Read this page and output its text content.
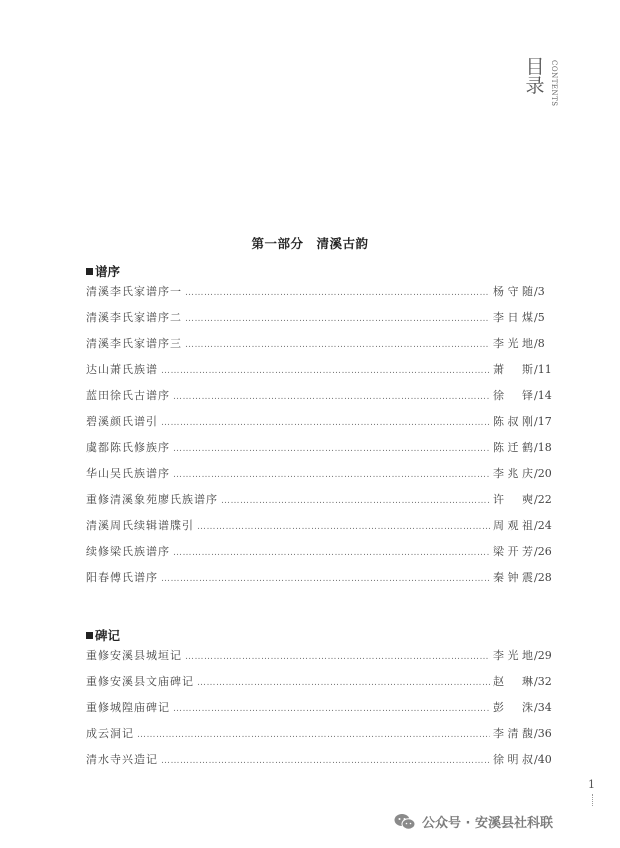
目录 CONTENTS
第一部分　清溪古韵
谱序
清溪李氏家谱序一 ……………………………………………………………………………………………………………………………………………………………………	杨守随 /3
清溪李氏家谱序二 ……………………………………………………………………………………………………………………………………………………………………	李日煤 /5
清溪李氏家谱序三 ……………………………………………………………………………………………………………………………………………………………………	李光地 /8
达山萧氏族谱 ……………………………………………………………………………………………………………………………………………………………………	萧　斯 /11
蓝田徐氏古谱序 ……………………………………………………………………………………………………………………………………………………………………	徐　铎 /14
碧溪颜氏谱引 ……………………………………………………………………………………………………………………………………………………………………	陈叔刚 /17
虞都陈氏修族序 ……………………………………………………………………………………………………………………………………………………………………	陈迁鹤 /18
华山吴氏族谱序 ……………………………………………………………………………………………………………………………………………………………………	李兆庆 /20
重修清溪象苑廖氏族谱序 ……………………………………………………………………………………………………………………………………………………………………	许　奭 /22
清溪周氏续辑谱牒引 ……………………………………………………………………………………………………………………………………………………………………	周观祖 /24
续修梁氏族谱序 ……………………………………………………………………………………………………………………………………………………………………	梁开芳 /26
阳春傅氏谱序 ……………………………………………………………………………………………………………………………………………………………………	秦钟震 /28
碑记
重修安溪县城垣记 ……………………………………………………………………………………………………………………………………………………………………	李光地 /29
重修安溪县文庙碑记 ……………………………………………………………………………………………………………………………………………………………………	赵　琳 /32
重修城隍庙碑记 ……………………………………………………………………………………………………………………………………………………………………	彭　洙 /34
成云洞记 ……………………………………………………………………………………………………………………………………………………………………	李清馥 /36
清水寺兴造记 ……………………………………………………………………………………………………………………………………………………………………	徐明叔 /40
1
公众号 · 安溪县社科联
